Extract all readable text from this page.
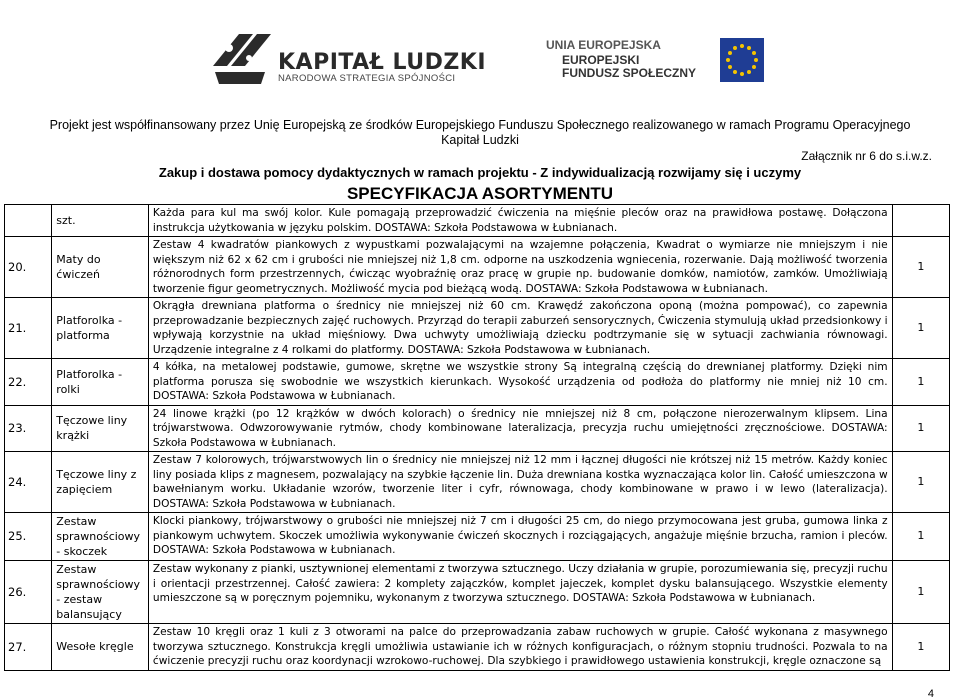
KAPITAŁ LUDZKI
NARODOWA STRATEGIA SPÓJNOŚCI
UNIA EUROPEJSKA
EUROPEJSKI
FUNDUSZ SPOŁECZNY
Projekt jest współfinansowany przez Unię Europejską ze środków Europejskiego Funduszu Społecznego realizowanego w ramach Programu Operacyjnego
Kapitał Ludzki
Załącznik nr 6 do s.i.w.z.
Zakup i dostawa pomocy dydaktycznych w ramach projektu - Z indywidualizacją rozwijamy się i uczymy
SPECYFIKACJA ASORTYMENTU
	szt.	Każda para kul ma swój kolor. Kule pomagają przeprowadzić ćwiczenia na mięśnie pleców oraz na prawidłowa postawę. Dołączona instrukcja użytkowania w języku polskim. DOSTAWA: Szkoła Podstawowa w Łubnianach.	
20.	Maty do ćwiczeń	Zestaw 4 kwadratów piankowych z wypustkami pozwalającymi na wzajemne połączenia, Kwadrat o wymiarze nie mniejszym i nie większym niż 62 x 62 cm i grubości nie mniejszej niż 1,8 cm. odporne na uszkodzenia wgniecenia, rozerwanie. Dają możliwość tworzenia różnorodnych form przestrzennych, ćwicząc wyobraźnię oraz pracę w grupie np. budowanie domków, namiotów, zamków. Umożliwiają tworzenie figur geometrycznych. Możliwość mycia pod bieżącą wodą. DOSTAWA: Szkoła Podstawowa w Łubnianach.	1
21.	Platforolka - platforma	Okrągła drewniana platforma o średnicy nie mniejszej niż 60 cm. Krawędź zakończona oponą (można pompować), co zapewnia przeprowadzanie bezpiecznych zajęć ruchowych. Przyrząd do terapii zaburzeń sensorycznych, Ćwiczenia stymulują układ przedsionkowy i wpływają korzystnie na układ mięśniowy. Dwa uchwyty umożliwiają dziecku podtrzymanie się w sytuacji zachwiania równowagi. Urządzenie integralne z 4 rolkami do platformy. DOSTAWA: Szkoła Podstawowa w Łubnianach.	1
22.	Platforolka - rolki	4 kółka, na metalowej podstawie, gumowe, skrętne we wszystkie strony Są integralną częścią do drewnianej platformy. Dzięki nim platforma porusza się swobodnie we wszystkich kierunkach. Wysokość urządzenia od podłoża do platformy nie mniej niż 10 cm. DOSTAWA: Szkoła Podstawowa w Łubnianach.	1
23.	Tęczowe liny krążki	24 linowe krążki (po 12 krążków w dwóch kolorach) o średnicy nie mniejszej niż 8 cm, połączone nierozerwalnym klipsem. Lina trójwarstwowa. Odwzorowywanie rytmów, chody kombinowane lateralizacja, precyzja ruchu umiejętności zręcznościowe. DOSTAWA: Szkoła Podstawowa w Łubnianach.	1
24.	Tęczowe liny z zapięciem	Zestaw 7 kolorowych, trójwarstwowych lin o średnicy nie mniejszej niż 12 mm i łącznej długości nie krótszej niż 15 metrów. Każdy koniec liny posiada klips z magnesem, pozwalający na szybkie łączenie lin. Duża drewniana kostka wyznaczająca kolor lin. Całość umieszczona w bawełnianym worku. Układanie wzorów, tworzenie liter i cyfr, równowaga, chody kombinowane w prawo i w lewo (lateralizacja). DOSTAWA: Szkoła Podstawowa w Łubnianach.	1
25.	Zestaw sprawnościowy - skoczek	Klocki piankowy, trójwarstwowy o grubości nie mniejszej niż 7 cm i długości 25 cm, do niego przymocowana jest gruba, gumowa linka z piankowym uchwytem. Skoczek umożliwia wykonywanie ćwiczeń skocznych i rozciągających, angażuje mięśnie brzucha, ramion i pleców. DOSTAWA: Szkoła Podstawowa w Łubnianach.	1
26.	Zestaw sprawnościowy - zestaw balansujący	Zestaw wykonany z pianki, usztywnionej elementami z tworzywa sztucznego. Uczy działania w grupie, porozumiewania się, precyzji ruchu i orientacji przestrzennej. Całość zawiera: 2 komplety zajączków, komplet jajeczek, komplet dysku balansującego. Wszystkie elementy umieszczone są w poręcznym pojemniku, wykonanym z tworzywa sztucznego. DOSTAWA: Szkoła Podstawowa w Łubnianach.	1
27.	Wesołe kręgle	Zestaw 10 kręgli oraz 1 kuli z 3 otworami na palce do przeprowadzania zabaw ruchowych w grupie. Całość wykonana z masywnego tworzywa sztucznego. Konstrukcja kręgli umożliwia ustawianie ich w różnych konfiguracjach, o różnym stopniu trudności. Pozwala to na ćwiczenie precyzji ruchu oraz koordynacji wzrokowo-ruchowej. Dla szybkiego i prawidłowego ustawienia konstrukcji, kręgle oznaczone są	1
4
